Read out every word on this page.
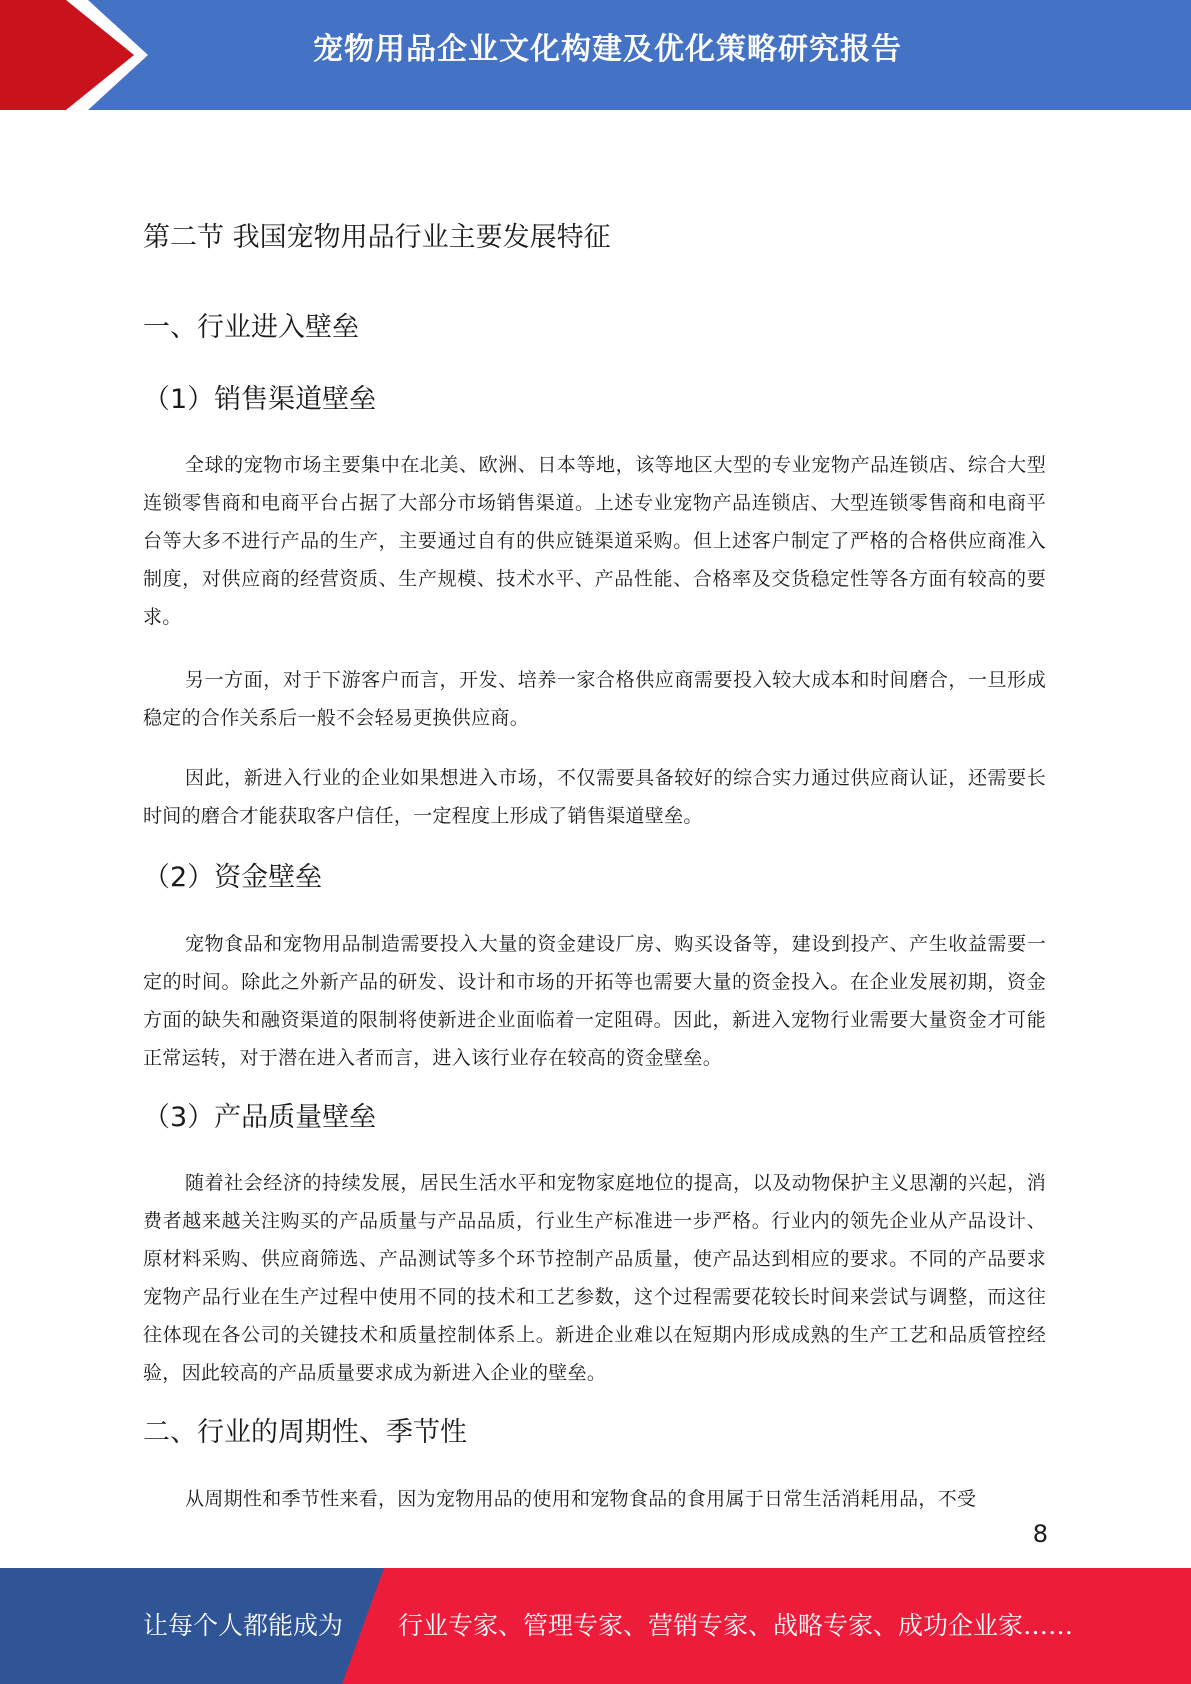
宠物用品企业文化构建及优化策略研究报告
第二节 我国宠物用品行业主要发展特征
一、行业进入壁垒
（1）销售渠道壁垒

全球的宠物市场主要集中在北美、欧洲、日本等地，该等地区大型的专业宠物产品连锁店、综合大型连锁零售商和电商平台占据了大部分市场销售渠道。上述专业宠物产品连锁店、大型连锁零售商和电商平台等大多不进行产品的生产，主要通过自有的供应链渠道采购。但上述客户制定了严格的合格供应商准入制度，对供应商的经营资质、生产规模、技术水平、产品性能、合格率及交货稳定性等各方面有较高的要求。

另一方面，对于下游客户而言，开发、培养一家合格供应商需要投入较大成本和时间磨合，一旦形成稳定的合作关系后一般不会轻易更换供应商。

因此，新进入行业的企业如果想进入市场，不仅需要具备较好的综合实力通过供应商认证，还需要长时间的磨合才能获取客户信任，一定程度上形成了销售渠道壁垒。

（2）资金壁垒

宠物食品和宠物用品制造需要投入大量的资金建设厂房、购买设备等，建设到投产、产生收益需要一定的时间。除此之外新产品的研发、设计和市场的开拓等也需要大量的资金投入。在企业发展初期，资金方面的缺失和融资渠道的限制将使新进企业面临着一定阻碍。因此，新进入宠物行业需要大量资金才可能正常运转，对于潜在进入者而言，进入该行业存在较高的资金壁垒。

（3）产品质量壁垒

随着社会经济的持续发展，居民生活水平和宠物家庭地位的提高，以及动物保护主义思潮的兴起，消费者越来越关注购买的产品质量与产品品质，行业生产标准进一步严格。行业内的领先企业从产品设计、原材料采购、供应商筛选、产品测试等多个环节控制产品质量，使产品达到相应的要求。不同的产品要求宠物产品行业在生产过程中使用不同的技术和工艺参数，这个过程需要花较长时间来尝试与调整，而这往往体现在各公司的关键技术和质量控制体系上。新进企业难以在短期内形成成熟的生产工艺和品质管控经验，因此较高的产品质量要求成为新进入企业的壁垒。

二、行业的周期性、季节性

从周期性和季节性来看，因为宠物用品的使用和宠物食品的食用属于日常生活消耗用品，不受

8
让每个人都能成为 行业专家、管理专家、营销专家、战略专家、成功企业家……
